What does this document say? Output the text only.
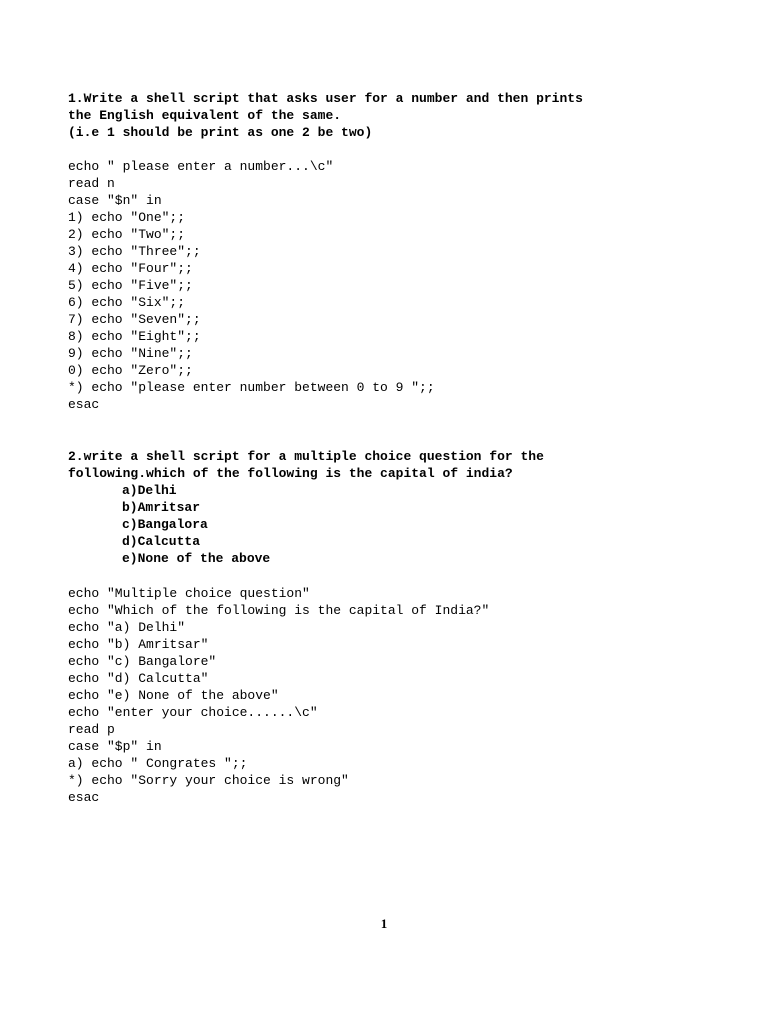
1.Write a shell script that asks user for a number and then prints
the English equivalent of the same.
(i.e 1 should be print as one 2 be two)
echo " please enter a number...\c"
read n
case "$n" in
1) echo "One";;
2) echo "Two";;
3) echo "Three";;
4) echo "Four";;
5) echo "Five";;
6) echo "Six";;
7) echo "Seven";;
8) echo "Eight";;
9) echo "Nine";;
0) echo "Zero";;
*) echo "please enter number between 0 to 9 ";;
esac
2.write a shell script for a multiple choice question for the
following.which of the following is the capital of india?
a)Delhi
b)Amritsar
c)Bangalora
d)Calcutta
e)None of the above
echo "Multiple choice question"
echo "Which of the following is the capital of India?"
echo "a) Delhi"
echo "b) Amritsar"
echo "c) Bangalore"
echo "d) Calcutta"
echo "e) None of the above"
echo "enter your choice......\c"
read p
case "$p" in
a) echo " Congrates ";;
*) echo "Sorry your choice is wrong"
esac
1
